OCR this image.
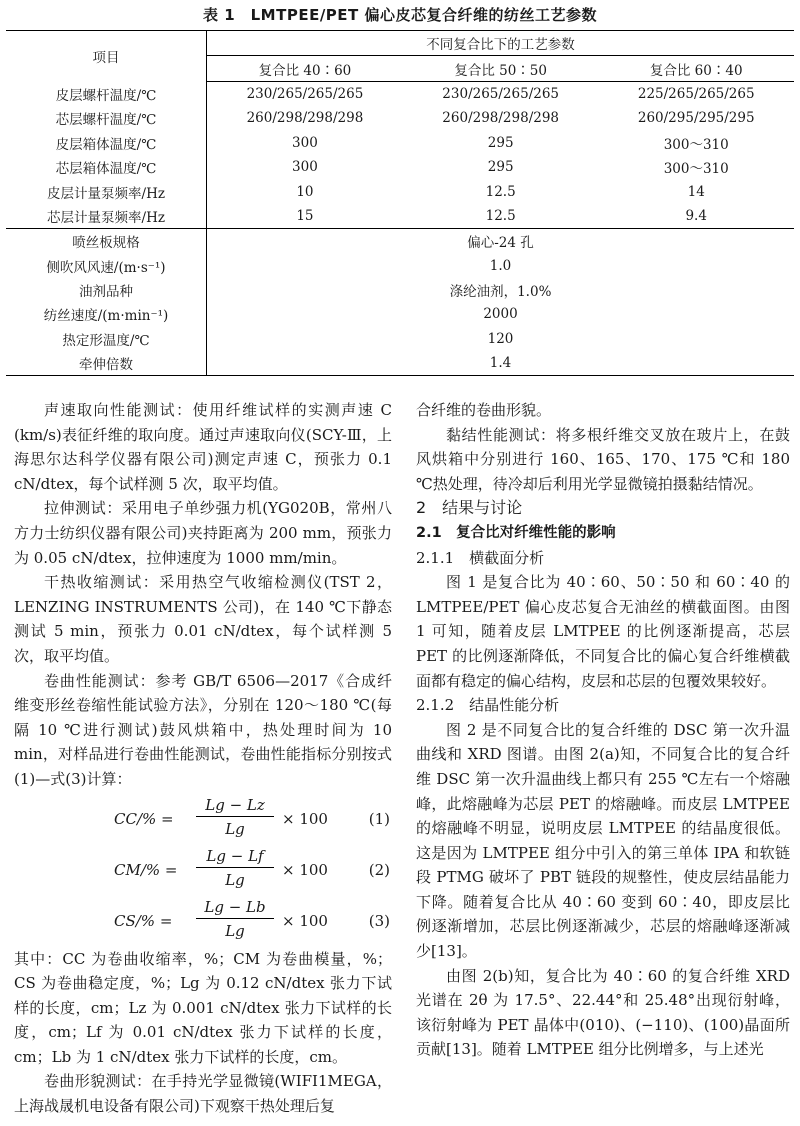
表 1　LMTPEE/PET 偏心皮芯复合纤维的纺丝工艺参数
项目	不同复合比下的工艺参数		
	复合比 40∶60	复合比 50∶50	复合比 60∶40
皮层螺杆温度/℃	230/265/265/265	230/265/265/265	225/265/265/265
芯层螺杆温度/℃	260/298/298/298	260/298/298/298	260/295/295/295
皮层箱体温度/℃	300	295	300～310
芯层箱体温度/℃	300	295	300～310
皮层计量泵频率/Hz	10	12.5	14
芯层计量泵频率/Hz	15	12.5	9.4
喷丝板规格	偏心-24 孔		
侧吹风风速/(m·s⁻¹)	1.0		
油剂品种	涤纶油剂，1.0%		
纺丝速度/(m·min⁻¹)	2000		
热定形温度/℃	120		
牵伸倍数	1.4		

声速取向性能测试：使用纤维试样的实测声速 C (km/s)表征纤维的取向度。通过声速取向仪(SCY-Ⅲ，上海思尔达科学仪器有限公司)测定声速 C，预张力 0.1 cN/dtex，每个试样测 5 次，取平均值。

拉伸测试：采用电子单纱强力机(YG020B，常州八方力士纺织仪器有限公司)夹持距离为 200 mm，预张力为 0.05 cN/dtex，拉伸速度为 1000 mm/min。

干热收缩测试：采用热空气收缩检测仪(TST 2，LENZING INSTRUMENTS 公司)，在 140 ℃下静态测试 5 min，预张力 0.01 cN/dtex，每个试样测 5 次，取平均值。

卷曲性能测试：参考 GB/T 6506—2017《合成纤维变形丝卷缩性能试验方法》，分别在 120～180 ℃(每隔 10 ℃进行测试)鼓风烘箱中，热处理时间为 10 min，对样品进行卷曲性能测试，卷曲性能指标分别按式(1)—式(3)计算：

$CC/\% = \frac{Lg - Lz}{Lg} \times 100$	(1)
$CM/\% = \frac{Lg - Lf}{Lg} \times 100$	(2)
$CS/\% = \frac{Lg - Lb}{Lg} \times 100$	(3)

其中：CC 为卷曲收缩率，%；CM 为卷曲模量，%；CS 为卷曲稳定度，%；Lg 为 0.12 cN/dtex 张力下试样的长度，cm；Lz 为 0.001 cN/dtex 张力下试样的长度，cm；Lf 为 0.01 cN/dtex 张力下试样的长度，cm；Lb 为 1 cN/dtex 张力下试样的长度，cm。

卷曲形貌测试：在手持光学显微镜(WIFI1MEGA，上海战晟机电设备有限公司)下观察干热处理后复

合纤维的卷曲形貌。

黏结性能测试：将多根纤维交叉放在玻片上，在鼓风烘箱中分别进行 160、165、170、175 ℃和 180 ℃热处理，待冷却后利用光学显微镜拍摄黏结情况。

2　结果与讨论

2.1　复合比对纤维性能的影响

2.1.1　横截面分析

图 1 是复合比为 40∶60、50∶50 和 60∶40 的 LMTPEE/PET 偏心皮芯复合无油丝的横截面图。由图 1 可知，随着皮层 LMTPEE 的比例逐渐提高，芯层 PET 的比例逐渐降低，不同复合比的偏心复合纤维横截面都有稳定的偏心结构，皮层和芯层的包覆效果较好。

2.1.2　结晶性能分析

图 2 是不同复合比的复合纤维的 DSC 第一次升温曲线和 XRD 图谱。由图 2(a)知，不同复合比的复合纤维 DSC 第一次升温曲线上都只有 255 ℃左右一个熔融峰，此熔融峰为芯层 PET 的熔融峰。而皮层 LMTPEE 的熔融峰不明显，说明皮层 LMTPEE 的结晶度很低。这是因为 LMTPEE 组分中引入的第三单体 IPA 和软链段 PTMG 破坏了 PBT 链段的规整性，使皮层结晶能力下降。随着复合比从 40∶60 变到 60∶40，即皮层比例逐渐增加，芯层比例逐渐减少，芯层的熔融峰逐渐减少[13]。

由图 2(b)知，复合比为 40∶60 的复合纤维 XRD 光谱在 2θ 为 17.5°、22.44°和 25.48°出现衍射峰，该衍射峰为 PET 晶体中(010)、(−110)、(100)晶面所贡献[13]。随着 LMTPEE 组分比例增多，与上述光
